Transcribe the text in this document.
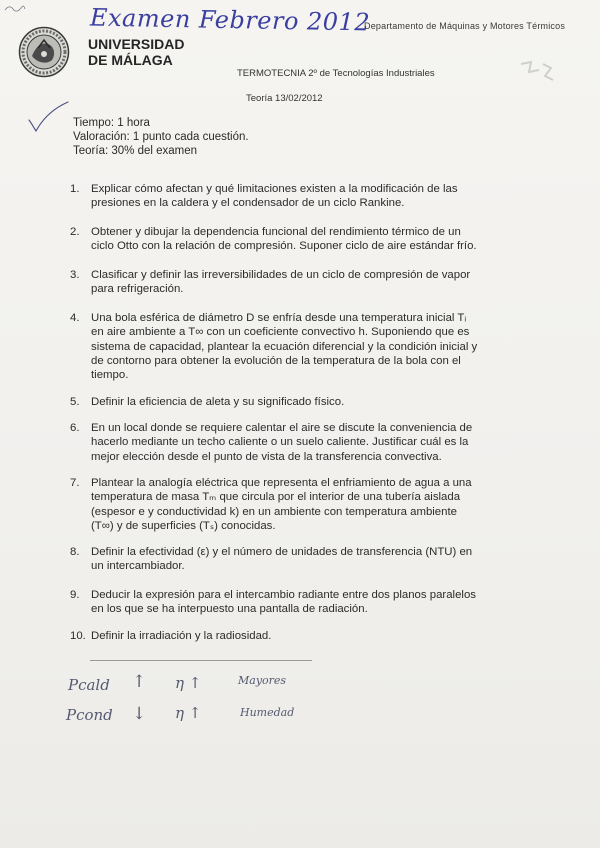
Examen Febrero 2012
UNIVERSIDAD
DE MÁLAGA
Departamento de Máquinas y Motores Térmicos
TERMOTECNIA 2º de Tecnologías Industriales
Teoría 13/02/2012
Tiempo: 1 hora
Valoración: 1 punto cada cuestión.
Teoría: 30% del examen
1.	Explicar cómo afectan y qué limitaciones existen a la modificación de las
presiones en la caldera y el condensador de un ciclo Rankine.
2.	Obtener y dibujar la dependencia funcional del rendimiento térmico de un
ciclo Otto con la relación de compresión. Suponer ciclo de aire estándar frío.
3.	Clasificar y definir las irreversibilidades de un ciclo de compresión de vapor
para refrigeración.
4.	Una bola esférica de diámetro D se enfría desde una temperatura inicial Tᵢ
en aire ambiente a T∞ con un coeficiente convectivo h. Suponiendo que es
sistema de capacidad, plantear la ecuación diferencial y la condición inicial y
de contorno para obtener la evolución de la temperatura de la bola con el
tiempo.
5.	Definir la eficiencia de aleta y su significado físico.
6.	En un local donde se requiere calentar el aire se discute la conveniencia de
hacerlo mediante un techo caliente o un suelo caliente. Justificar cuál es la
mejor elección desde el punto de vista de la transferencia convectiva.
7.	Plantear la analogía eléctrica que representa el enfriamiento de agua a una
temperatura de masa Tₘ que circula por el interior de una tubería aislada
(espesor e y conductividad k) en un ambiente con temperatura ambiente
(T∞) y de superficies (Tₛ) conocidas.
8.	Definir la efectividad (ε) y el número de unidades de transferencia (NTU) en
un intercambiador.
9.	Deducir la expresión para el intercambio radiante entre dos planos paralelos
en los que se ha interpuesto una pantalla de radiación.
10. Definir la irradiación y la radiosidad.
Pcald ↑ η ↑	Mayores
Pcond ↓ η ↑	Humedad
